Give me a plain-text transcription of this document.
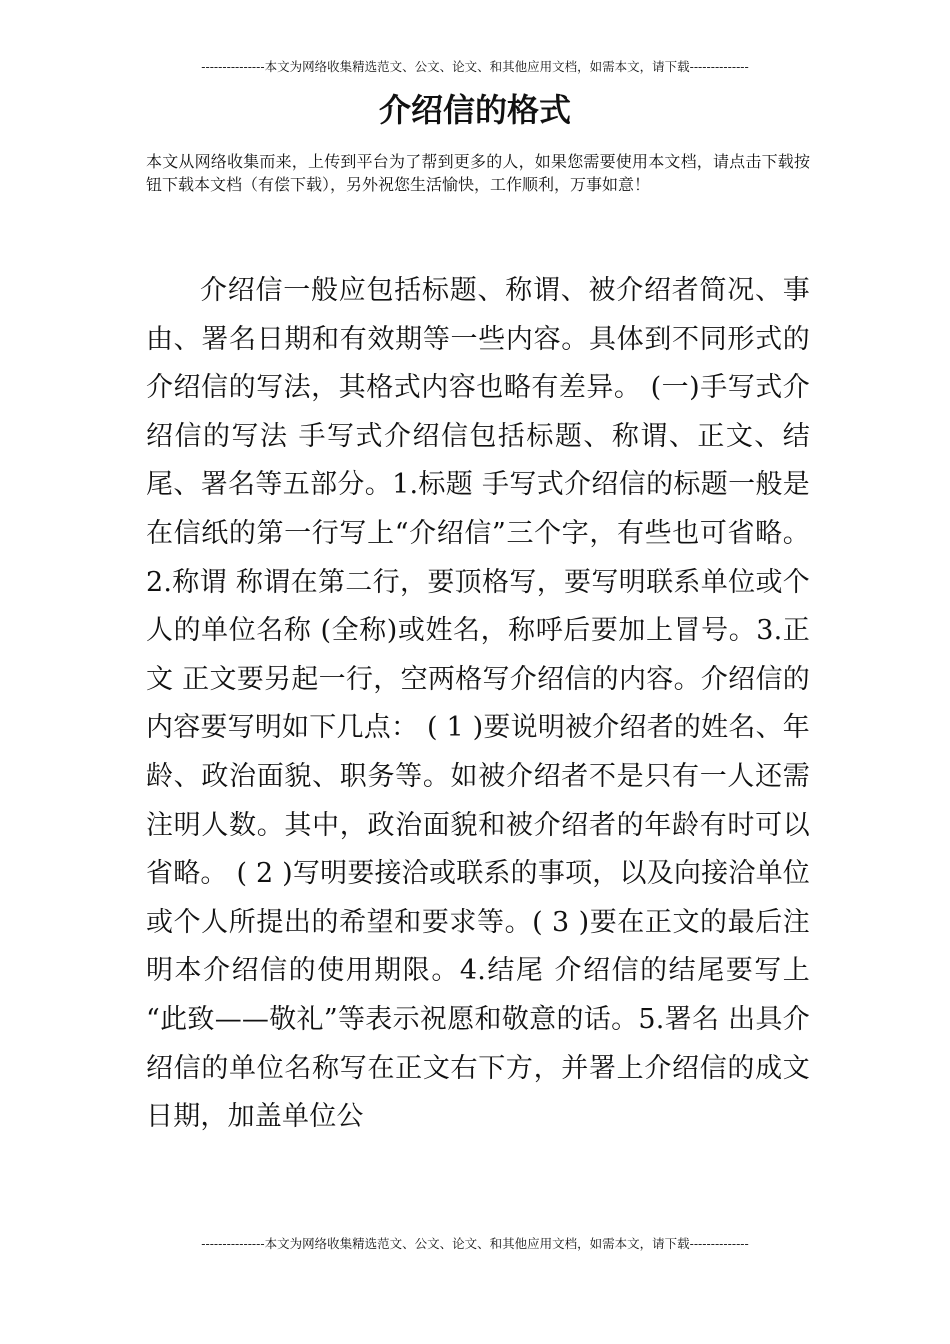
---------------本文为网络收集精选范文、公文、论文、和其他应用文档，如需本文，请下载--------------
介绍信的格式

本文从网络收集而来，上传到平台为了帮到更多的人，如果您需要使用本文档，请点击下载按钮下载本文档（有偿下载），另外祝您生活愉快，工作顺利，万事如意！

介绍信一般应包括标题、称谓、被介绍者简况、事由、署名日期和有效期等一些内容。具体到不同形式的介绍信的写法，其格式内容也略有差异。 (一)手写式介绍信的写法 手写式介绍信包括标题、称谓、正文、结尾、署名等五部分。1.标题 手写式介绍信的标题一般是在信纸的第一行写上“介绍信”三个字，有些也可省略。2.称谓 称谓在第二行，要顶格写，要写明联系单位或个人的单位名称 (全称)或姓名，称呼后要加上冒号。3.正文 正文要另起一行，空两格写介绍信的内容。介绍信的内容要写明如下几点： ( 1 )要说明被介绍者的姓名、年龄、政治面貌、职务等。如被介绍者不是只有一人还需注明人数。其中，政治面貌和被介绍者的年龄有时可以省略。 ( 2 )写明要接洽或联系的事项，以及向接洽单位或个人所提出的希望和要求等。( 3 )要在正文的最后注明本介绍信的使用期限。4.结尾 介绍信的结尾要写上 “此致——敬礼”等表示祝愿和敬意的话。5.署名 出具介绍信的单位名称写在正文右下方，并署上介绍信的成文日期，加盖单位公

---------------本文为网络收集精选范文、公文、论文、和其他应用文档，如需本文，请下载--------------
